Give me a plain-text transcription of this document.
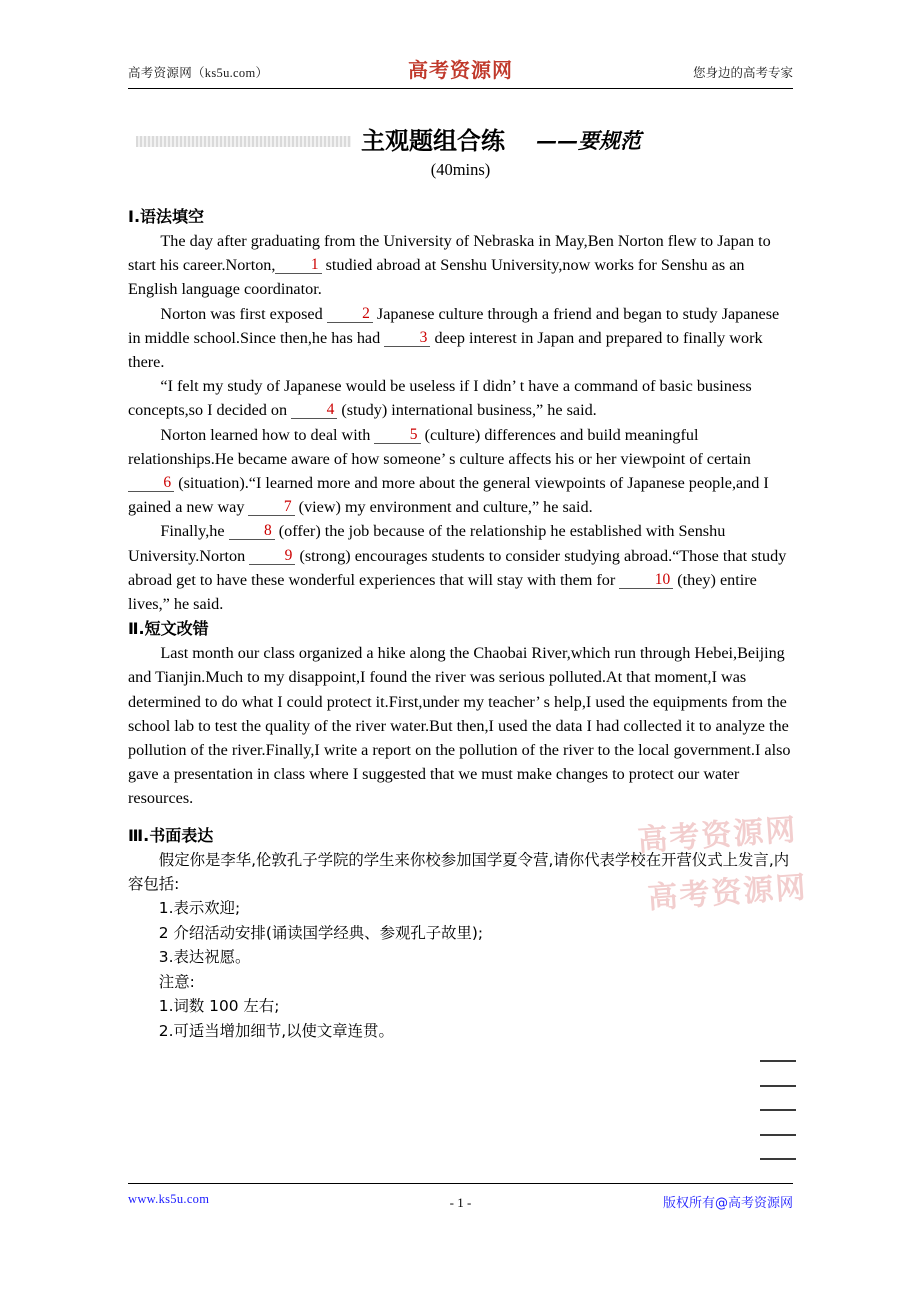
高考资源网（ks5u.com）	高考资源网	您身边的高考专家
主观题组合练 ——要规范
(40mins)
Ⅰ.语法填空

The day after graduating from the University of Nebraska in May,Ben Norton flew to Japan to start his career.Norton, 1 studied abroad at Senshu University,now works for Senshu as an English language coordinator.

Norton was first exposed 2 Japanese culture through a friend and began to study Japanese in middle school.Since then,he has had 3 deep interest in Japan and prepared to finally work there.

“I felt my study of Japanese would be useless if I didn’ t have a command of basic business concepts,so I decided on 4 (study) international business,” he said.

Norton learned how to deal with 5 (culture) differences and build meaningful relationships.He became aware of how someone’ s culture affects his or her viewpoint of certain 6 (situation).“I learned more and more about the general viewpoints of Japanese people,and I gained a new way 7 (view) my environment and culture,” he said.

Finally,he 8 (offer) the job because of the relationship he established with Senshu University.Norton 9 (strong) encourages students to consider studying abroad.“Those that study abroad get to have these wonderful experiences that will stay with them for 10 (they) entire lives,” he said.

Ⅱ.短文改错

Last month our class organized a hike along the Chaobai River,which run through Hebei,Beijing and Tianjin.Much to my disappoint,I found the river was serious polluted.At that moment,I was determined to do what I could protect it.First,under my teacher’ s help,I used the equipments from the school lab to test the quality of the river water.But then,I used the data I had collected it to analyze the pollution of the river.Finally,I write a report on the pollution of the river to the local government.I also gave a presentation in class where I suggested that we must make changes to protect our water resources.

Ⅲ.书面表达

假定你是李华,伦敦孔子学院的学生来你校参加国学夏令营,请你代表学校在开营仪式上发言,内容包括:

1.表示欢迎;

2 介绍活动安排(诵读国学经典、参观孔子故里);

3.表达祝愿。

注意:

1.词数 100 左右;

2.可适当增加细节,以使文章连贯。

高考资源网
高考资源网
www.ks5u.com	- 1 -	版权所有@高考资源网
